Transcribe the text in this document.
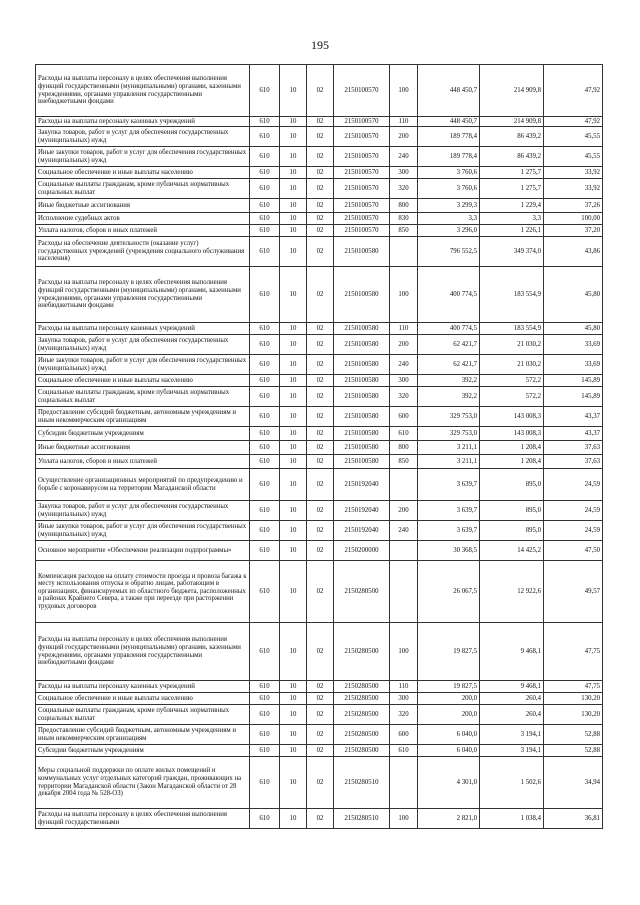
195
Расходы на выплаты персоналу в целях обеспечения выполнения функций государственными (муниципальными) органами, казенными учреждениями, органами управления государственными внебюджетными фондами	610	10	02	2150100570	100	448 450,7	214 909,8	47,92
Расходы на выплаты персоналу казенных учреждений	610	10	02	2150100570	110	448 450,7	214 909,8	47,92
Закупка товаров, работ и услуг для обеспечения государственных (муниципальных) нужд	610	10	02	2150100570	200	189 778,4	86 439,2	45,55
Иные закупки товаров, работ и услуг для обеспечения государственных (муниципальных) нужд	610	10	02	2150100570	240	189 778,4	86 439,2	45,55
Социальное обеспечение и иные выплаты населению	610	10	02	2150100570	300	3 760,6	1 275,7	33,92
Социальные выплаты гражданам, кроме публичных нормативных социальных выплат	610	10	02	2150100570	320	3 760,6	1 275,7	33,92
Иные бюджетные ассигнования	610	10	02	2150100570	800	3 299,3	1 229,4	37,26
Исполнение судебных актов	610	10	02	2150100570	830	3,3	3,3	100,00
Уплата налогов, сборов и иных платежей	610	10	02	2150100570	850	3 296,0	1 226,1	37,20
Расходы на обеспечение деятельности (оказание услуг) государственных учреждений (учреждения социального обслуживания населения)	610	10	02	2150100580		796 552,5	349 374,0	43,86
Расходы на выплаты персоналу в целях обеспечения выполнения функций государственными (муниципальными) органами, казенными учреждениями, органами управления государственными внебюджетными фондами	610	10	02	2150100580	100	400 774,5	183 554,9	45,80
Расходы на выплаты персоналу казенных учреждений	610	10	02	2150100580	110	400 774,5	183 554,9	45,80
Закупка товаров, работ и услуг для обеспечения государственных (муниципальных) нужд	610	10	02	2150100580	200	62 421,7	21 030,2	33,69
Иные закупки товаров, работ и услуг для обеспечения государственных (муниципальных) нужд	610	10	02	2150100580	240	62 421,7	21 030,2	33,69
Социальное обеспечение и иные выплаты населению	610	10	02	2150100580	300	392,2	572,2	145,89
Социальные выплаты гражданам, кроме публичных нормативных социальных выплат	610	10	02	2150100580	320	392,2	572,2	145,89
Предоставление субсидий бюджетным, автономным учреждениям и иным некоммерческим организациям	610	10	02	2150100580	600	329 753,0	143 008,3	43,37
Субсидии бюджетным учреждениям	610	10	02	2150100580	610	329 753,0	143 008,3	43,37
Иные бюджетные ассигнования	610	10	02	2150100580	800	3 211,1	1 208,4	37,63
Уплата налогов, сборов и иных платежей	610	10	02	2150100580	850	3 211,1	1 208,4	37,63
Осуществление организационных мероприятий по предупреждению и борьбе с коронавирусом на территории Магаданской области	610	10	02	2150192040		3 639,7	895,0	24,59
Закупка товаров, работ и услуг для обеспечения государственных (муниципальных) нужд	610	10	02	2150192040	200	3 639,7	895,0	24,59
Иные закупки товаров, работ и услуг для обеспечения государственных (муниципальных) нужд	610	10	02	2150192040	240	3 639,7	895,0	24,59
Основное мероприятие «Обеспечение реализации подпрограммы»	610	10	02	2150200000		30 368,5	14 425,2	47,50
Компенсация расходов на оплату стоимости проезда и провоза багажа к месту использования отпуска и обратно лицам, работающим в организациях, финансируемых из областного бюджета, расположенных в районах Крайнего Севера, а также при переезде при расторжении трудовых договоров	610	10	02	2150280500		26 067,5	12 922,6	49,57
Расходы на выплаты персоналу в целях обеспечения выполнения функций государственными (муниципальными) органами, казенными учреждениями, органами управления государственными внебюджетными фондами	610	10	02	2150280500	100	19 827,5	9 468,1	47,75
Расходы на выплаты персоналу казенных учреждений	610	10	02	2150280500	110	19 827,5	9 468,1	47,75
Социальное обеспечение и иные выплаты населению	610	10	02	2150280500	300	200,0	260,4	130,20
Социальные выплаты гражданам, кроме публичных нормативных социальных выплат	610	10	02	2150280500	320	200,0	260,4	130,20
Предоставление субсидий бюджетным, автономным учреждениям и иным некоммерческим организациям	610	10	02	2150280500	600	6 040,0	3 194,1	52,88
Субсидии бюджетным учреждениям	610	10	02	2150280500	610	6 040,0	3 194,1	52,88
Меры социальной поддержки по оплате жилых помещений и коммунальных услуг отдельных категорий граждан, проживающих на территории Магаданской области (Закон Магаданской области от 28 декабря 2004 года № 528-ОЗ)	610	10	02	2150280510		4 301,0	1 502,6	34,94
Расходы на выплаты персоналу в целях обеспечения выполнения функций государственными	610	10	02	2150280510	100	2 821,0	1 038,4	36,81
